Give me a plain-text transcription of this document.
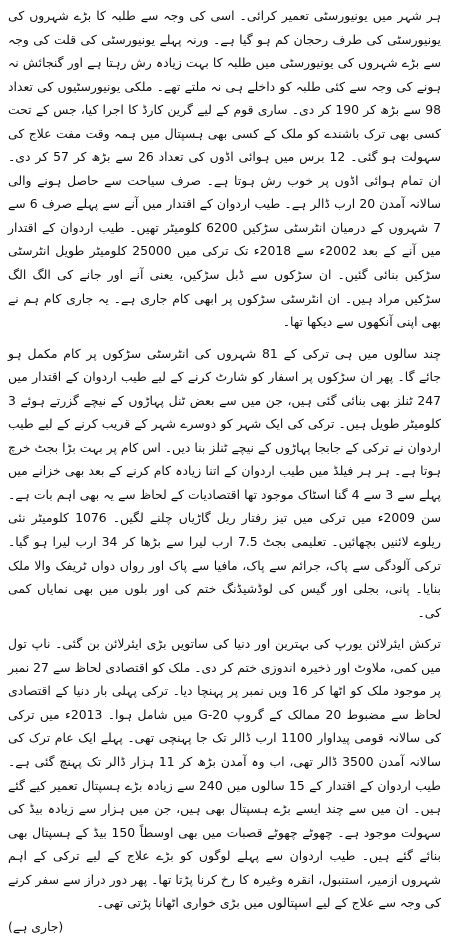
ہر شہر میں یونیورسٹی تعمیر کرائی۔ اسی کی وجہ سے طلبہ کا بڑے شہروں کی یونیورسٹی کی طرف رحجان کم ہو گیا ہے۔ ورنہ پہلے یونیورسٹی کی قلت کی وجہ سے بڑے شہروں کی یونیورسٹی میں طلبہ کا بہت زیادہ رش رہتا ہے اور گنجائش نہ ہونے کی وجہ سے کئی طلبہ کو داخلے ہی نہ ملتے تھے۔ ملکی یونیورسٹیوں کی تعداد 98 سے بڑھ کر 190 کر دی۔ ساری قوم کے لیے گرین کارڈ کا اجرا کیا، جس کے تحت کسی بھی ترک باشندے کو ملک کے کسی بھی ہسپتال میں ہمہ وقت مفت علاج کی سہولت ہو گئی۔ 12 برس میں ہوائی اڈوں کی تعداد 26 سے بڑھ کر 57 کر دی۔ ان تمام ہوائی اڈوں پر خوب رش ہوتا ہے۔ صرف سیاحت سے حاصل ہونے والی سالانہ آمدن 20 ارب ڈالر ہے۔ طیب اردوان کے اقتدار میں آنے سے پہلے صرف 6 سے 7 شہروں کے درمیان انٹرسٹی سڑکیں 6200 کلومیٹر تھیں۔ طیب اردوان کے اقتدار میں آنے کے بعد 2002ء سے 2018ء تک ترکی میں 25000 کلومیٹر طویل انٹرسٹی سڑکیں بنائی گئیں۔ ان سڑکوں سے ڈبل سڑکیں، یعنی آنے اور جانے کی الگ الگ سڑکیں مراد ہیں۔ ان انٹرسٹی سڑکوں پر ابھی کام جاری ہے۔ یہ جاری کام ہم نے بھی اپنی آنکھوں سے دیکھا تھا۔

چند سالوں میں ہی ترکی کے 81 شہروں کی انٹرسٹی سڑکوں پر کام مکمل ہو جائے گا۔ پھر ان سڑکوں پر اسفار کو شارٹ کرنے کے لیے طیب اردوان کے اقتدار میں 247 ٹنلز بھی بنائی گئی ہیں، جن میں سے بعض ٹنل پہاڑوں کے نیچے گزرتے ہوئے 3 کلومیٹر طویل ہیں۔ ترکی کی ایک شہر کو دوسرے شہر کے قریب کرنے کے لیے طیب اردوان نے ترکی کے جابجا پہاڑوں کے نیچے ٹنلز بنا دیں۔ اس کام پر بہت بڑا بجٹ خرچ ہوتا ہے۔ ہر ہر فیلڈ میں طیب اردوان کے اتنا زیادہ کام کرنے کے بعد بھی خزانے میں پہلے سے 3 سے 4 گنا اسٹاک موجود تھا اقتصادیات کے لحاظ سے یہ بھی اہم بات ہے۔ سن 2009ء میں ترکی میں تیز رفتار ریل گاڑیاں چلنے لگیں۔ 1076 کلومیٹر نئی ریلوے لائنیں بچھائیں۔ تعلیمی بجٹ 7.5 ارب لیرا سے بڑھا کر 34 ارب لیرا ہو گیا۔ ترکی آلودگی سے پاک، جرائم سے پاک، مافیا سے پاک اور رواں دواں ٹریفک والا ملک بنایا۔ پانی، بجلی اور گیس کی لوڈشیڈنگ ختم کی اور بلوں میں بھی نمایاں کمی کی۔

ترکش ایئرلائن یورپ کی بہترین اور دنیا کی ساتویں بڑی ایئرلائن بن گئی۔ ناپ تول میں کمی، ملاوٹ اور ذخیرہ اندوزی ختم کر دی۔ ملک کو اقتصادی لحاظ سے 27 نمبر پر موجود ملک کو اٹھا کر 16 ویں نمبر پر پہنچا دیا۔ ترکی پہلی بار دنیا کے اقتصادی لحاظ سے مضبوط 20 ممالک کے گروپ G-20 میں شامل ہوا۔ 2013ء میں ترکی کی سالانہ قومی پیداوار 1100 ارب ڈالر تک جا پہنچی تھی۔ پہلے ایک عام ترک کی سالانہ آمدن 3500 ڈالر تھی، اب وہ آمدن بڑھ کر 11 ہزار ڈالر تک پہنچ گئی ہے۔ طیب اردوان کے اقتدار کے 15 سالوں میں 240 سے زیادہ بڑے ہسپتال تعمیر کیے گئے ہیں۔ ان میں سے چند ایسے بڑے ہسپتال بھی ہیں، جن میں ہزار سے زیادہ بیڈ کی سہولت موجود ہے۔ چھوٹے چھوٹے قصبات میں بھی اوسطاً 150 بیڈ کے ہسپتال بھی بنائے گئے ہیں۔ طیب اردوان سے پہلے لوگوں کو بڑے علاج کے لیے ترکی کے اہم شہروں ازمیر، استنبول، انقرہ وغیرہ کا رخ کرنا پڑتا تھا۔ پھر دور دراز سے سفر کرنے کی وجہ سے علاج کے لیے اسپتالوں میں بڑی خواری اٹھانا پڑتی تھی۔

(جاری ہے)
